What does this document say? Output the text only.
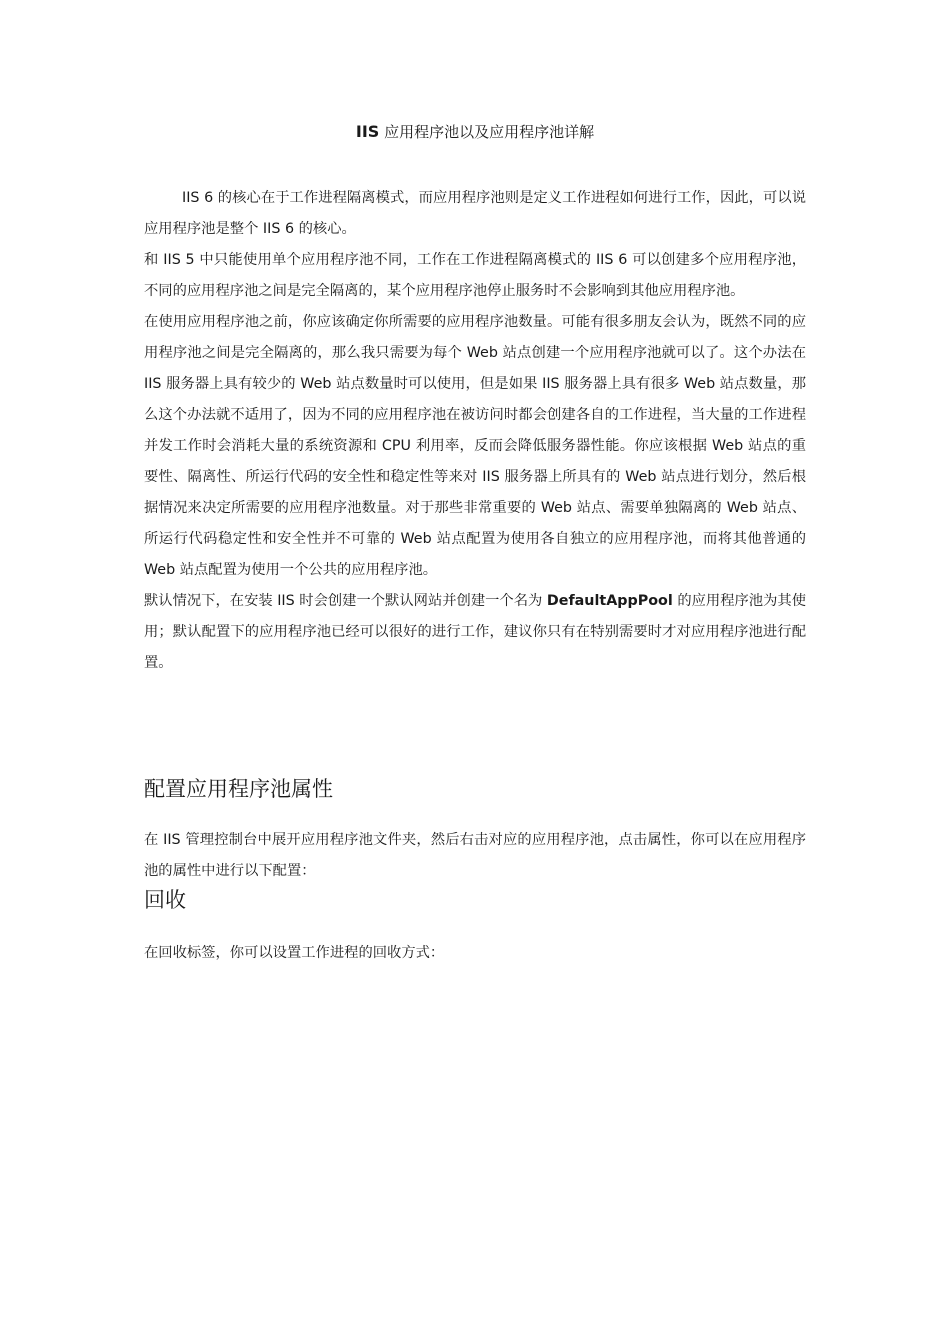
IIS 应用程序池以及应用程序池详解

IIS 6 的核心在于工作进程隔离模式，而应用程序池则是定义工作进程如何进行工作，因此，可以说应用程序池是整个 IIS 6 的核心。

和 IIS 5 中只能使用单个应用程序池不同，工作在工作进程隔离模式的 IIS 6 可以创建多个应用程序池，不同的应用程序池之间是完全隔离的，某个应用程序池停止服务时不会影响到其他应用程序池。

在使用应用程序池之前，你应该确定你所需要的应用程序池数量。可能有很多朋友会认为，既然不同的应用程序池之间是完全隔离的，那么我只需要为每个 Web 站点创建一个应用程序池就可以了。这个办法在 IIS 服务器上具有较少的 Web 站点数量时可以使用，但是如果 IIS 服务器上具有很多 Web 站点数量，那么这个办法就不适用了，因为不同的应用程序池在被访问时都会创建各自的工作进程，当大量的工作进程并发工作时会消耗大量的系统资源和 CPU 利用率，反而会降低服务器性能。你应该根据 Web 站点的重要性、隔离性、所运行代码的安全性和稳定性等来对 IIS 服务器上所具有的 Web 站点进行划分，然后根据情况来决定所需要的应用程序池数量。对于那些非常重要的 Web 站点、需要单独隔离的 Web 站点、所运行代码稳定性和安全性并不可靠的 Web 站点配置为使用各自独立的应用程序池，而将其他普通的 Web 站点配置为使用一个公共的应用程序池。

默认情况下，在安装 IIS 时会创建一个默认网站并创建一个名为 DefaultAppPool 的应用程序池为其使用；默认配置下的应用程序池已经可以很好的进行工作，建议你只有在特别需要时才对应用程序池进行配置。

配置应用程序池属性

在 IIS 管理控制台中展开应用程序池文件夹，然后右击对应的应用程序池，点击属性，你可以在应用程序池的属性中进行以下配置：

回收

在回收标签，你可以设置工作进程的回收方式：
